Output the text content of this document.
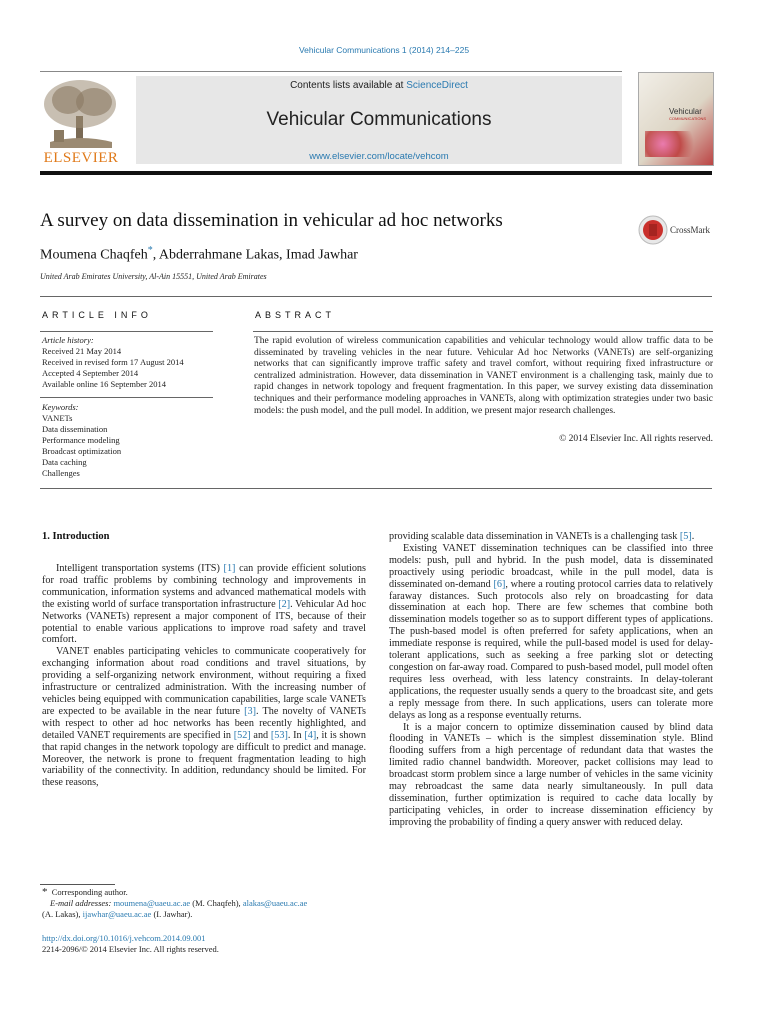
Vehicular Communications 1 (2014) 214–225
ELSEVIER
Contents lists available at ScienceDirect
Vehicular Communications
www.elsevier.com/locate/vehcom
Vehicular
COMMUNICATIONS
A survey on data dissemination in vehicular ad hoc networks	CrossMark
Moumena Chaqfeh*, Abderrahmane Lakas, Imad Jawhar
United Arab Emirates University, Al-Ain 15551, United Arab Emirates
ARTICLE INFO	ABSTRACT
Article history:
Received 21 May 2014
Received in revised form 17 August 2014
Accepted 4 September 2014
Available online 16 September 2014
Keywords:
VANETs
Data dissemination
Performance modeling
Broadcast optimization
Data caching
Challenges
The rapid evolution of wireless communication capabilities and vehicular technology would allow traffic data to be disseminated by traveling vehicles in the near future. Vehicular Ad hoc Networks (VANETs) are self-organizing networks that can significantly improve traffic safety and travel comfort, without requiring fixed infrastructure or centralized administration. However, data dissemination in VANET environment is a challenging task, mainly due to rapid changes in network topology and frequent fragmentation. In this paper, we survey existing data dissemination techniques and their performance modeling approaches in VANETs, along with optimization strategies under two basic models: the push model, and the pull model. In addition, we present major research challenges.
© 2014 Elsevier Inc. All rights reserved.
1. Introduction

Intelligent transportation systems (ITS) [1] can provide efficient solutions for road traffic problems by combining technology and improvements in communication, information systems and advanced mathematical models with the existing world of surface transportation infrastructure [2]. Vehicular Ad hoc Networks (VANETs) represent a major component of ITS, because of their potential to enable various applications to improve road safety and travel comfort.

VANET enables participating vehicles to communicate cooperatively for exchanging information about road conditions and travel situations, by providing a self-organizing network environment, without requiring a fixed infrastructure or centralized administration. With the increasing number of vehicles being equipped with communication capabilities, large scale VANETs are expected to be available in the near future [3]. The novelty of VANETs with respect to other ad hoc networks has been recently highlighted, and detailed VANET requirements are specified in [52] and [53]. In [4], it is shown that rapid changes in the network topology are difficult to predict and manage. Moreover, the network is prone to frequent fragmentation leading to high variability of the connectivity. In addition, redundancy should be limited. For these reasons,

providing scalable data dissemination in VANETs is a challenging task [5].

Existing VANET dissemination techniques can be classified into three models: push, pull and hybrid. In the push model, data is disseminated proactively using periodic broadcast, while in the pull model, data is disseminated on-demand [6], where a routing protocol carries data to relatively faraway distances. Such protocols also rely on broadcasting for data dissemination at each hop. There are few schemes that combine both dissemination models together so as to support different types of applications. The push-based model is often preferred for safety applications, when an immediate response is required, while the pull-based model is used for delay-tolerant applications, such as seeking a free parking slot or detecting congestion on far-away road. Compared to push-based model, pull model often requires less overhead, with less latency constraints. In delay-tolerant applications, the requester usually sends a query to the broadcast site, and gets a reply message from there. In such applications, users can tolerate more delays as long as a response eventually returns.

It is a major concern to optimize dissemination caused by blind data flooding in VANETs – which is the simplest dissemination style. Blind flooding suffers from a high percentage of redundant data that wastes the limited radio channel bandwidth. Moreover, packet collisions may lead to broadcast storm problem since a large number of vehicles in the same vicinity may rebroadcast the same data nearly simultaneously. In pull data dissemination, further optimization is required to cache data locally by participating vehicles, in order to increase dissemination efficiency by improving the probability of finding a query answer with reduced delay.

* Corresponding author.
E-mail addresses: moumena@uaeu.ac.ae (M. Chaqfeh), alakas@uaeu.ac.ae
(A. Lakas), ijawhar@uaeu.ac.ae (I. Jawhar).
http://dx.doi.org/10.1016/j.vehcom.2014.09.001
2214-2096/© 2014 Elsevier Inc. All rights reserved.
